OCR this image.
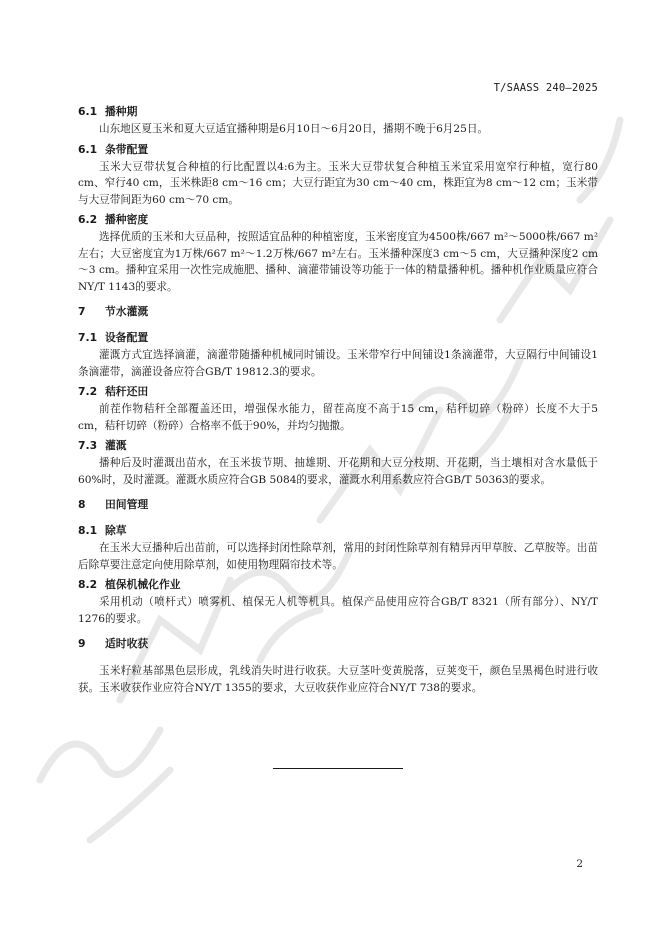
T/SAASS 240—2025
6.1 播种期

山东地区夏玉米和夏大豆适宜播种期是6月10日～6月20日，播期不晚于6月25日。

6.1 条带配置

玉米大豆带状复合种植的行比配置以4:6为主。玉米大豆带状复合种植玉米宜采用宽窄行种植，宽行80 cm、窄行40 cm，玉米株距8 cm～16 cm；大豆行距宜为30 cm～40 cm，株距宜为8 cm～12 cm；玉米带与大豆带间距为60 cm～70 cm。

6.2 播种密度

选择优质的玉米和大豆品种，按照适宜品种的种植密度，玉米密度宜为4500株/667 m²～5000株/667 m²左右；大豆密度宜为1万株/667 m²～1.2万株/667 m²左右。玉米播种深度3 cm～5 cm，大豆播种深度2 cm～3 cm。播种宜采用一次性完成施肥、播种、滴灌带铺设等功能于一体的精量播种机。播种机作业质量应符合NY/T 1143的要求。

7 节水灌溉
7.1 设备配置

灌溉方式宜选择滴灌，滴灌带随播种机械同时铺设。玉米带窄行中间铺设1条滴灌带，大豆隔行中间铺设1条滴灌带，滴灌设备应符合GB/T 19812.3的要求。

7.2 秸秆还田

前茬作物秸秆全部覆盖还田，增强保水能力，留茬高度不高于15 cm，秸秆切碎（粉碎）长度不大于5 cm，秸秆切碎（粉碎）合格率不低于90%，并均匀抛撒。

7.3 灌溉

播种后及时灌溉出苗水，在玉米拔节期、抽雄期、开花期和大豆分枝期、开花期，当土壤相对含水量低于60%时，及时灌溉。灌溉水质应符合GB 5084的要求，灌溉水利用系数应符合GB/T 50363的要求。

8 田间管理
8.1 除草

在玉米大豆播种后出苗前，可以选择封闭性除草剂，常用的封闭性除草剂有精异丙甲草胺、乙草胺等。出苗后除草要注意定向使用除草剂，如使用物理隔帘技术等。

8.2 植保机械化作业

采用机动（喷杆式）喷雾机、植保无人机等机具。植保产品使用应符合GB/T 8321（所有部分）、NY/T 1276的要求。

9 适时收获

玉米籽粒基部黑色层形成，乳线消失时进行收获。大豆茎叶变黄脱落，豆荚变干，颜色呈黑褐色时进行收获。玉米收获作业应符合NY/T 1355的要求，大豆收获作业应符合NY/T 738的要求。

2
